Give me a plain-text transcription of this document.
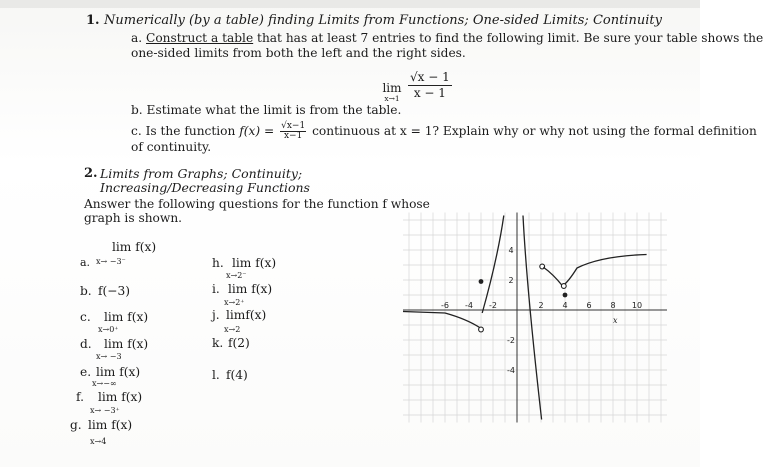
1. Numerically (by a table) finding Limits from Functions; One-sided Limits; Continuity
a. Construct a table that has at least 7 entries to find the following limit. Be sure your table shows the
one-sided limits from both the left and the right sides.
lim
$x\to 1 \frac{√x - 1}{x - 1}$
b. Estimate what the limit is from the table.
c. Is the function $f(x) = \frac{√x-1}{x-1}$ continuous at x = 1? Explain why or why not using the formal definition
of continuity.
2. Limits from Graphs; Continuity;
Increasing/Decreasing Functions
Answer the following questions for the function f whose
graph is shown.
lim f(x)
a. x→ −3⁻
b. f(−3)
c. lim f(x)
x→0⁺
d. lim f(x)
x→ −3
e. lim f(x)
x→−∞
f. lim f(x)
x→ −3⁺
g. lim f(x)
x→4
h. lim f(x)
x→2⁻
i. lim f(x)
x→2⁺
j. limf(x)
x→2
k. f(2)
l. f(4)
-6 -4 -2	2 4 6 8 10
4
2
-2
-4
x
